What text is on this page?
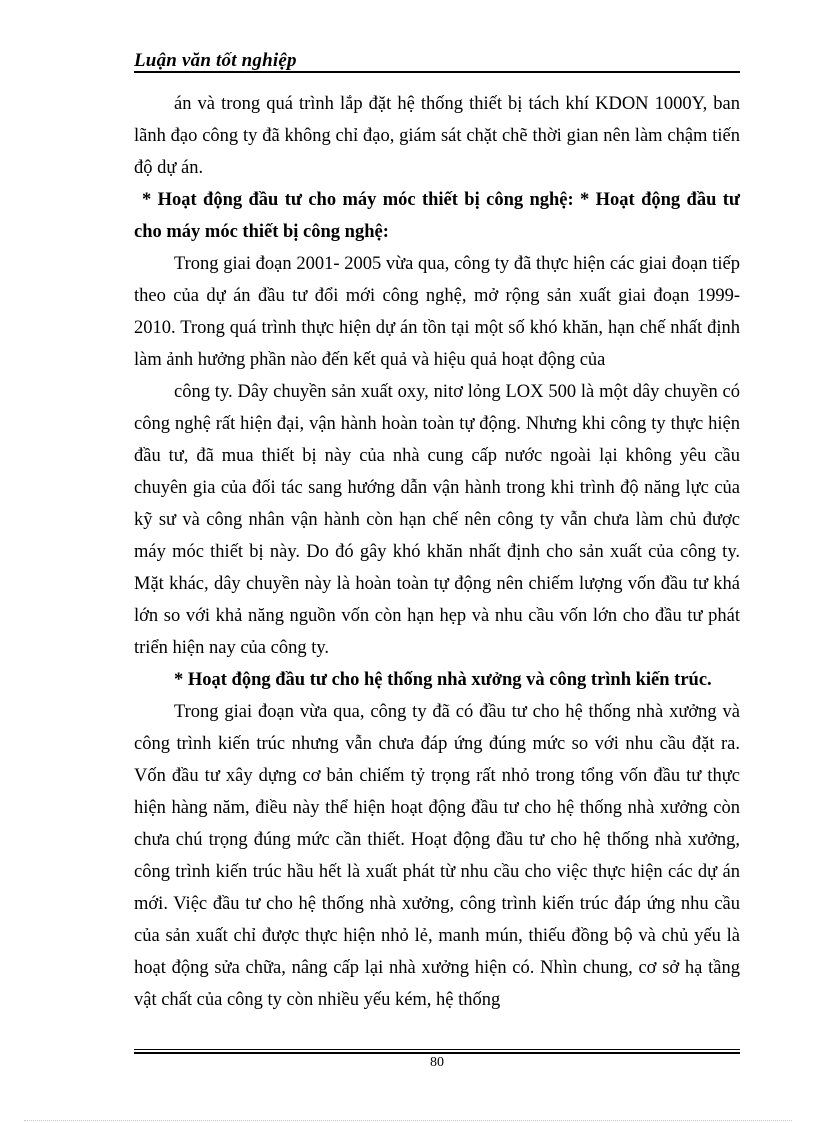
Luận văn tốt nghiệp

án và trong quá trình lắp đặt hệ thống thiết bị tách khí KDON 1000Y, ban lãnh đạo công ty đã không chỉ đạo, giám sát chặt chẽ thời gian nên làm chậm tiến độ dự án.

* Hoạt động đầu tư cho máy móc thiết bị công nghệ: * Hoạt động đầu tư cho máy móc thiết bị công nghệ:

Trong giai đoạn 2001- 2005 vừa qua, công ty đã thực hiện các giai đoạn tiếp theo của dự án đầu tư đổi mới công nghệ, mở rộng sản xuất giai đoạn 1999- 2010. Trong quá trình thực hiện dự án tồn tại một số khó khăn, hạn chế nhất định làm ảnh hưởng phần nào đến kết quả và hiệu quả hoạt động của

công ty. Dây chuyền sản xuất oxy, nitơ lỏng LOX 500 là một dây chuyền có công nghệ rất hiện đại, vận hành hoàn toàn tự động. Nhưng khi công ty thực hiện đầu tư, đã mua thiết bị này của nhà cung cấp nước ngoài lại không yêu cầu chuyên gia của đối tác sang hướng dẫn vận hành trong khi trình độ năng lực của kỹ sư và công nhân vận hành còn hạn chế nên công ty vẫn chưa làm chủ được máy móc thiết bị này. Do đó gây khó khăn nhất định cho sản xuất của công ty. Mặt khác, dây chuyền này là hoàn toàn tự động nên chiếm lượng vốn đầu tư khá lớn so với khả năng nguồn vốn còn hạn hẹp và nhu cầu vốn lớn cho đầu tư phát triển hiện nay của công ty.

* Hoạt động đầu tư cho hệ thống nhà xưởng và công trình kiến trúc.

Trong giai đoạn vừa qua, công ty đã có đầu tư cho hệ thống nhà xưởng và công trình kiến trúc nhưng vẫn chưa đáp ứng đúng mức so với nhu cầu đặt ra. Vốn đầu tư xây dựng cơ bản chiếm tỷ trọng rất nhỏ trong tổng vốn đầu tư thực hiện hàng năm, điều này thể hiện hoạt động đầu tư cho hệ thống nhà xưởng còn chưa chú trọng đúng mức cần thiết. Hoạt động đầu tư cho hệ thống nhà xưởng, công trình kiến trúc hầu hết là xuất phát từ nhu cầu cho việc thực hiện các dự án mới. Việc đầu tư cho hệ thống nhà xưởng, công trình kiến trúc đáp ứng nhu cầu của sản xuất chỉ được thực hiện nhỏ lẻ, manh mún, thiếu đồng bộ và chủ yếu là hoạt động sửa chữa, nâng cấp lại nhà xưởng hiện có. Nhìn chung, cơ sở hạ tầng vật chất của công ty còn nhiều yếu kém, hệ thống

80
